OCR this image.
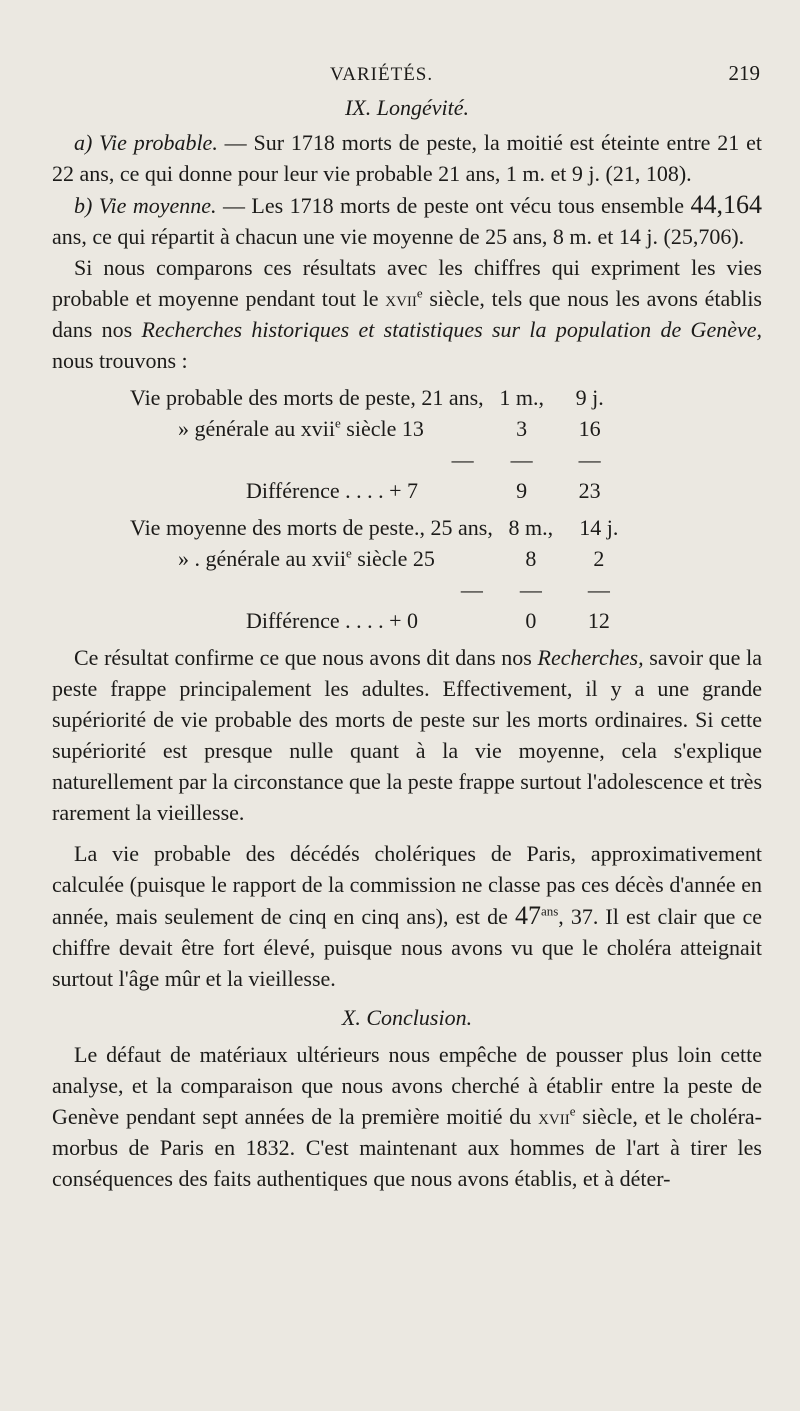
VARIÉTÉS.	219
IX. Longévité.

a) Vie probable. — Sur 1718 morts de peste, la moitié est éteinte entre 21 et 22 ans, ce qui donne pour leur vie probable 21 ans, 1 m. et 9 j. (21, 108).

b) Vie moyenne. — Les 1718 morts de peste ont vécu tous ensemble 44,164 ans, ce qui répartit à chacun une vie moyenne de 25 ans, 8 m. et 14 j. (25,706).

Si nous comparons ces résultats avec les chiffres qui expriment les vies probable et moyenne pendant tout le xvii$^e$ siècle, tels que nous les avons établis dans nos Recherches historiques et statistiques sur la population de Genève, nous trouvons :

Vie probable des morts de peste, 21 ans,	1 m.,	9 j.
» générale au xvii$^e$ siècle 13	3	16
—	—	—
Différence . . . . + 7	9	23
Vie moyenne des morts de peste., 25 ans,	8 m.,	14 j.
» . générale au xvii$^e$ siècle 25	8	2
—	—	—
Différence . . . . + 0	0	12

Ce résultat confirme ce que nous avons dit dans nos Recherches, savoir que la peste frappe principalement les adultes. Effectivement, il y a une grande supériorité de vie probable des morts de peste sur les morts ordinaires. Si cette supériorité est presque nulle quant à la vie moyenne, cela s'explique naturellement par la circonstance que la peste frappe surtout l'adolescence et très rarement la vieillesse.

La vie probable des décédés cholériques de Paris, approximativement calculée (puisque le rapport de la commission ne classe pas ces décès d'année en année, mais seulement de cinq en cinq ans), est de $47^{ans}$, 37. Il est clair que ce chiffre devait être fort élevé, puisque nous avons vu que le choléra atteignait surtout l'âge mûr et la vieillesse.

X. Conclusion.

Le défaut de matériaux ultérieurs nous empêche de pousser plus loin cette analyse, et la comparaison que nous avons cherché à établir entre la peste de Genève pendant sept années de la première moitié du xvii$^e$ siècle, et le choléra-morbus de Paris en 1832. C'est maintenant aux hommes de l'art à tirer les conséquences des faits authentiques que nous avons établis, et à déter-
